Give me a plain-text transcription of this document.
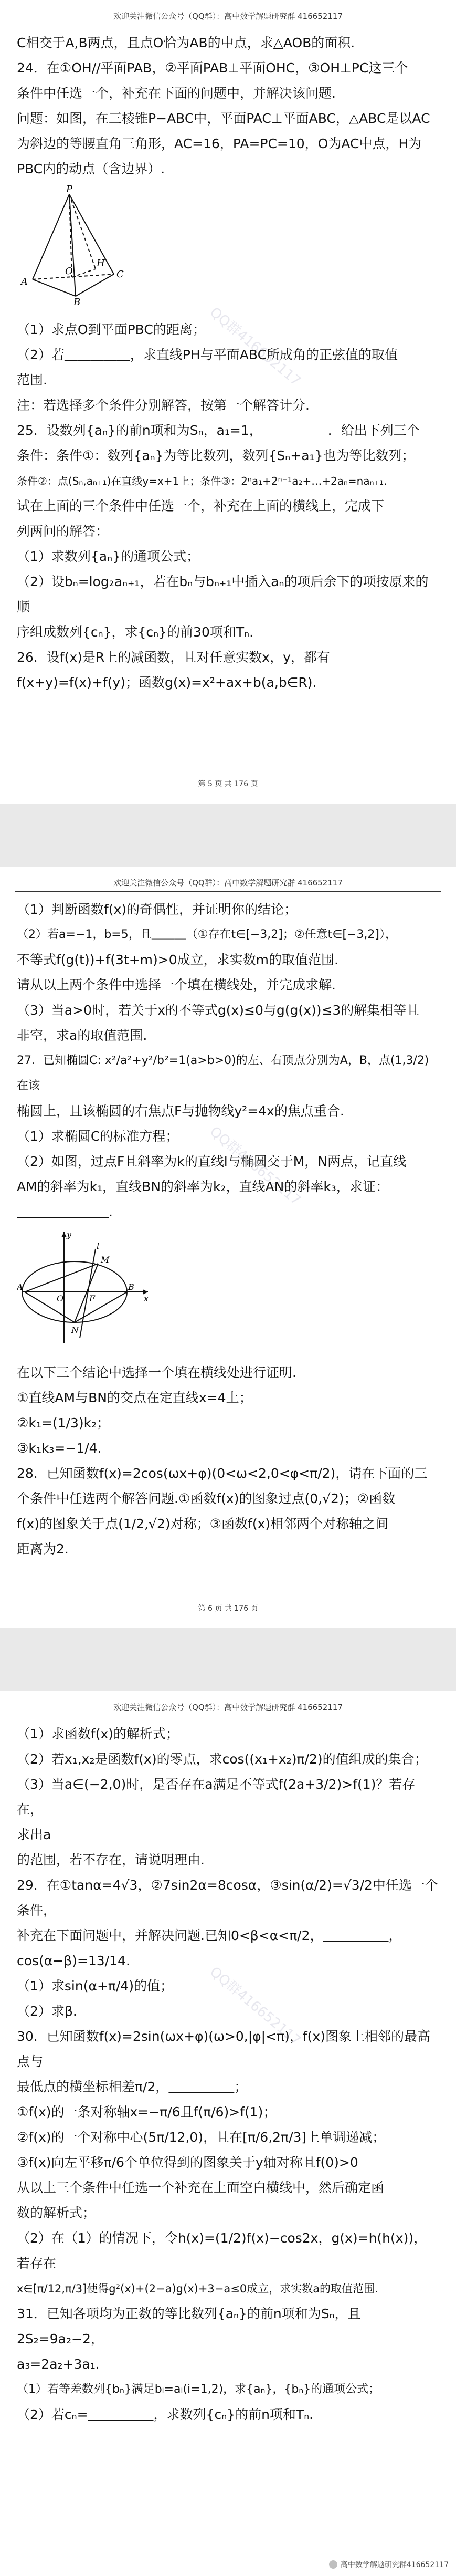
欢迎关注微信公众号（QQ群）：高中数学解题研究群 416652117

C相交于A,B两点，且点O恰为AB的中点，求△AOB的面积.

24．在①OH//平面PAB，②平面PAB⊥平面OHC，③OH⊥PC这三个

条件中任选一个，补充在下面的问题中，并解决该问题.

问题：如图，在三棱锥P−ABC中，平面PAC⊥平面ABC，△ABC是以AC

为斜边的等腰直角三角形，AC=16，PA=PC=10，O为AC中点，H为

PBC内的动点（含边界）.

P
A
B
C
O
H

（1）求点O到平面PBC的距离；

（2）若＿＿＿＿＿，求直线PH与平面ABC所成角的正弦值的取值

范围.

注：若选择多个条件分别解答，按第一个解答计分.

25．设数列{aₙ}的前n项和为Sₙ，a₁=1，＿＿＿＿＿．给出下列三个

条件：条件①：数列{aₙ}为等比数列，数列{Sₙ+a₁}也为等比数列；

条件②：点(Sₙ,aₙ₊₁)在直线y=x+1上；条件③：2ⁿa₁+2ⁿ⁻¹a₂+…+2aₙ=naₙ₊₁.

试在上面的三个条件中任选一个，补充在上面的横线上，完成下

列两问的解答：

（1）求数列{aₙ}的通项公式；

（2）设bₙ=log₂aₙ₊₁，若在bₙ与bₙ₊₁中插入aₙ的项后余下的项按原来的顺

序组成数列{cₙ}，求{cₙ}的前30项和Tₙ.

26．设f(x)是R上的减函数，且对任意实数x，y，都有

f(x+y)=f(x)+f(y)；函数g(x)=x²+ax+b(a,b∈R).

第 5 页 共 176 页
欢迎关注微信公众号（QQ群）：高中数学解题研究群 416652117

（1）判断函数f(x)的奇偶性，并证明你的结论；

（2）若a=−1，b=5，且＿＿＿（①存在t∈[−3,2]；②任意t∈[−3,2]），

不等式f(g(t))+f(3t+m)>0成立，求实数m的取值范围.

请从以上两个条件中选择一个填在横线处，并完成求解.

（3）当a>0时，若关于x的不等式g(x)≤0与g(g(x))≤3的解集相等且

非空，求a的取值范围.

27．已知椭圆C: x²/a²+y²/b²=1(a>b>0)的左、右顶点分别为A，B，点(1,3/2)在该

椭圆上，且该椭圆的右焦点F与抛物线y²=4x的焦点重合.

（1）求椭圆C的标准方程；

（2）如图，过点F且斜率为k的直线l与椭圆交于M，N两点，记直线

AM的斜率为k₁，直线BN的斜率为k₂，直线AN的斜率k₃，求证：

＿＿＿＿＿＿＿.

y
M
A
O	F
B
N
x
l

在以下三个结论中选择一个填在横线处进行证明.

①直线AM与BN的交点在定直线x=4上；

②k₁=(1/3)k₂；

③k₁k₃=−1/4.

28．已知函数f(x)=2cos(ωx+φ)(0<ω<2,0<φ<π/2)，请在下面的三

个条件中任选两个解答问题.①函数f(x)的图象过点(0,√2)；②函数

f(x)的图象关于点(1/2,√2)对称；③函数f(x)相邻两个对称轴之间

距离为2.

第 6 页 共 176 页
欢迎关注微信公众号（QQ群）：高中数学解题研究群 416652117

（1）求函数f(x)的解析式；

（2）若x₁,x₂是函数f(x)的零点，求cos((x₁+x₂)π/2)的值组成的集合；

（3）当a∈(−2,0)时，是否存在a满足不等式f(2a+3/2)>f(1)？若存在，

求出a

的范围，若不存在，请说明理由.

29．在①tanα=4√3，②7sin2α=8cosα，③sin(α/2)=√3/2中任选一个条件，

补充在下面问题中，并解决问题.已知0<β<α<π/2，＿＿＿＿＿，

cos(α−β)=13/14.

（1）求sin(α+π/4)的值；

（2）求β.

30．已知函数f(x)=2sin(ωx+φ)(ω>0,|φ|<π)，f(x)图象上相邻的最高点与

最低点的横坐标相差π/2，＿＿＿＿＿；

①f(x)的一条对称轴x=−π/6且f(π/6)>f(1)；

②f(x)的一个对称中心(5π/12,0)，且在[π/6,2π/3]上单调递减；

③f(x)向左平移π/6个单位得到的图象关于y轴对称且f(0)>0

从以上三个条件中任选一个补充在上面空白横线中，然后确定函

数的解析式；

（2）在（1）的情况下，令h(x)=(1/2)f(x)−cos2x，g(x)=h(h(x))，若存在

x∈[π/12,π/3]使得g²(x)+(2−a)g(x)+3−a≤0成立，求实数a的取值范围.

31．已知各项均为正数的等比数列{aₙ}的前n项和为Sₙ，且2S₂=9a₂−2，

a₃=2a₂+3a₁.

（1）若等差数列{bₙ}满足bᵢ=aᵢ(i=1,2)，求{aₙ}，{bₙ}的通项公式；

（2）若cₙ=＿＿＿＿＿，求数列{cₙ}的前n项和Tₙ.

QQ群416652117
QQ群416652117
QQ群416652117
高中数学解题研究群416652117
